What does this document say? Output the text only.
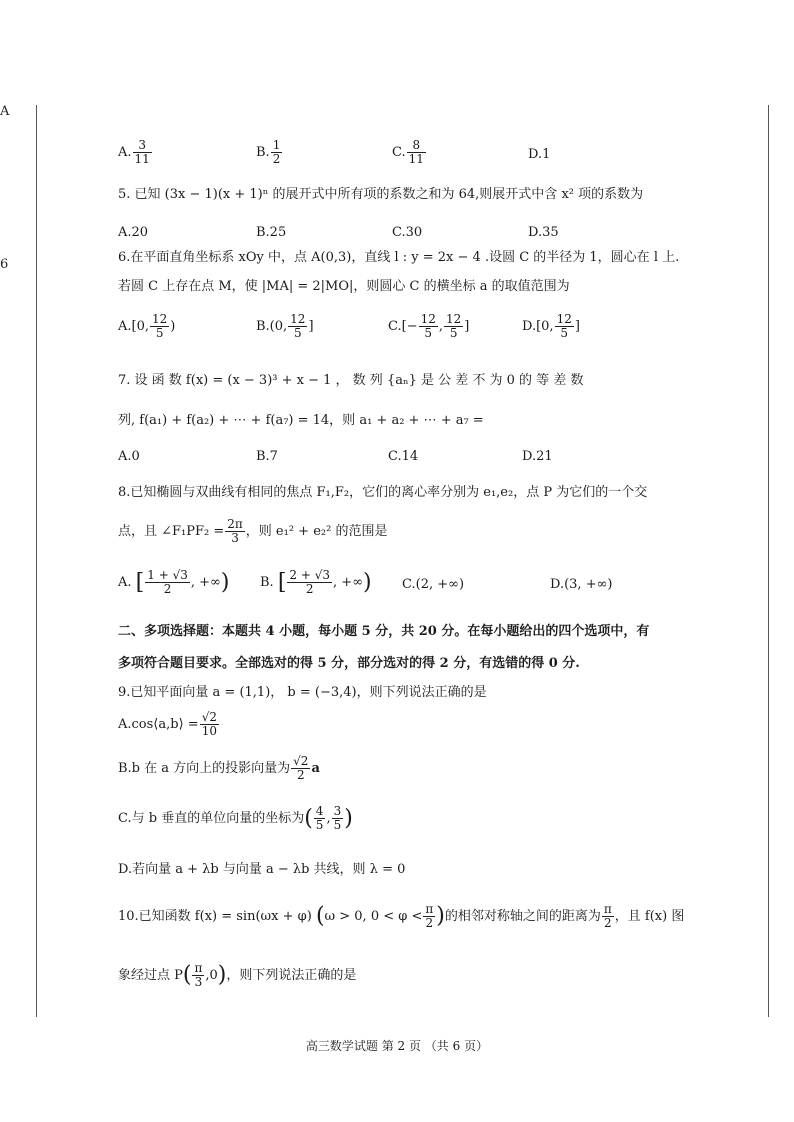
A
6
A. $\frac{3}{11}$	B. $\frac{1}{2}$	C. $\frac{8}{11}$	D.1
5. 已知 (3x − 1)(x + 1)ⁿ 的展开式中所有项的系数之和为 64,则展开式中含 x² 项的系数为
A.20	B.25	C.30	D.35
6.在平面直角坐标系 xOy 中，点 A(0,3)，直线 l : y = 2x − 4 .设圆 C 的半径为 1，圆心在 l 上.
若圆 C 上存在点 M，使 |MA| = 2|MO|，则圆心 C 的横坐标 a 的取值范围为
A.[0, $\frac{12}{5}$ )	B.(0, $\frac{12}{5}$ ]	$C.[- \frac{12}{5}$ , $\frac{12}{5}$ ]	D.[0, $\frac{12}{5}$ ]
7. 设 函 数 f(x) = (x − 3)³ + x − 1 ， 数 列 {aₙ} 是 公 差 不 为 0 的 等 差 数
列, f(a₁) + f(a₂) + ⋯ + f(a₇) = 14，则 a₁ + a₂ + ⋯ + a₇ =
A.0	B.7	C.14	D.21
8.已知椭圆与双曲线有相同的焦点 F₁,F₂，它们的离心率分别为 e₁,e₂，点 P 为它们的一个交
点，且 ∠F₁PF₂ = $\frac{2\pi}{3}$ ，则 e₁² + e₂² 的范围是
A. [ $\frac{1 + √3}{2}$ , +∞) B. [ $\frac{2 + √3}{2}$ , +∞) C.(2, +∞)	D.(3, +∞)
二、多项选择题：本题共 4 小题，每小题 5 分，共 20 分。在每小题给出的四个选项中，有
多项符合题目要求。全部选对的得 5 分，部分选对的得 2 分，有选错的得 0 分.
9.已知平面向量 a = (1,1)， b = (−3,4)，则下列说法正确的是
A.cos⟨a,b⟩ = $\frac{√2}{10}$
B.b 在 a 方向上的投影向量为 $\frac{√2}{2}$ a
C.与 b 垂直的单位向量的坐标为( $\frac{4}{5}$ , $\frac{3}{5}$ )
D.若向量 a + λb 与向量 a − λb 共线，则 λ = 0
10.已知函数 f(x) = sin(ωx + φ) (ω > 0, $0 < \varphi < \frac{\pi}{2}$ )的相邻对称轴之间的距离为 $\frac{\pi}{2}$ ，且 f(x) 图
象经过点 $P( \frac{\pi}{3} ,0)$，则下列说法正确的是
高三数学试题 第 2 页 （共 6 页）
